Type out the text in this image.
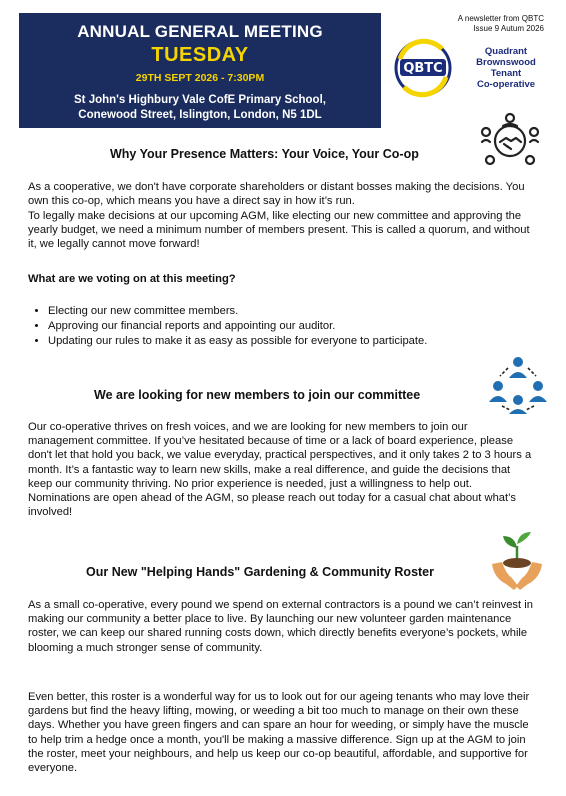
ANNUAL GENERAL MEETING
TUESDAY
29TH SEPT 2026 - 7:30PM
St John's Highbury Vale CofE Primary School,
Conewood Street, Islington, London, N5 1DL
A newsletter from QBTC
Issue 9 Autum 2026
QBTC
Quadrant
Brownswood
Tenant
Co-operative
Why Your Presence Matters: Your Voice, Your Co-op
As a cooperative, we don't have corporate shareholders or distant bosses making the decisions. You own this co-op, which means you have a direct say in how it’s run.
To legally make decisions at our upcoming AGM, like electing our new committee and approving the yearly budget, we need a minimum number of members present. This is called a quorum, and without it, we legally cannot move forward!
What are we voting on at this meeting?
• Electing our new committee members.
• Approving our financial reports and appointing our auditor.
• Updating our rules to make it as easy as possible for everyone to participate.
We are looking for new members to join our committee
Our co-operative thrives on fresh voices, and we are looking for new members to join our management committee. If you’ve hesitated because of time or a lack of board experience, please don't let that hold you back, we value everyday, practical perspectives, and it only takes 2 to 3 hours a month. It’s a fantastic way to learn new skills, make a real difference, and guide the decisions that keep our community thriving. No prior experience is needed, just a willingness to help out. Nominations are open ahead of the AGM, so please reach out today for a casual chat about what’s involved!
Our New "Helping Hands" Gardening & Community Roster
As a small co-operative, every pound we spend on external contractors is a pound we can’t reinvest in making our community a better place to live. By launching our new volunteer garden maintenance roster, we can keep our shared running costs down, which directly benefits everyone’s pockets, while blooming a much stronger sense of community.
Even better, this roster is a wonderful way for us to look out for our ageing tenants who may love their gardens but find the heavy lifting, mowing, or weeding a bit too much to manage on their own these days. Whether you have green fingers and can spare an hour for weeding, or simply have the muscle to help trim a hedge once a month, you'll be making a massive difference. Sign up at the AGM to join the roster, meet your neighbours, and help us keep our co-op beautiful, affordable, and supportive for everyone.
